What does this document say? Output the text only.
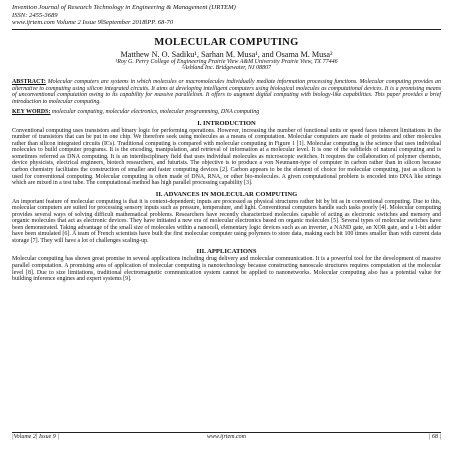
Invention Journal of Research Technology in Engineering & Management (IJRTEM)
ISSN: 2455-3689
www.ijrtem.com Volume 2 Issue 9‖September 2018‖PP. 68-70
MOLECULAR COMPUTING
Matthew N. O. Sadiku¹, Sarhan M. Musa¹, and Osama M. Musa²
¹Roy G. Perry College of Engineering Prairie View A&M University Prairie View, TX 77446
²Ashland Inc. Bridgewater, NJ 08807
ABSTRACT: Molecular computers are systems in which molecules or macromolecules individually mediate information processing functions. Molecular computing provides an alternative to computing using silicon integrated circuits. It aims at developing intelligent computers using biological molecules as computational devices. It is a promising means of unconventional computation owing to its capability for massive parallelism. It offers to augment digital computing with biology-like capabilities. This paper provides a brief introduction to molecular computing.
KEY WORDS: molecular computing, molecular electronics, molecular programming, DNA computing
I. INTRODUCTION
Conventional computing uses transistors and binary logic for performing operations. However, increasing the number of functional units or speed faces inherent limitations in the number of transistors that can be put in one chip. We therefore seek using molecules as a means of computation. Molecular computers are made of proteins and other molecules rather than silicon integrated circuits (ICs). Traditional computing is compared with molecular computing in Figure 1 [1]. Molecular computing is the science that uses individual molecules to build computer programs. It is the encoding, manipulation, and retrieval of information at a molecular level. It is one of the subfields of natural computing and is sometimes referred as DNA computing. It is an interdisciplinary field that uses individual molecules as microscopic switches. It requires the collaboration of polymer chemists, device physicists, electrical engineers, biotech researchers, and futurists. The objective is to produce a von Neumann-type of computer in carbon rather than in silicon because carbon chemistry facilitates the construction of smaller and faster computing devices [2]. Carbon appears to be the element of choice for molecular computing, just as silicon is used for conventional computing. Molecular computing is often made of DNA, RNA, or other bio-molecules. A given computational problem is encoded into DNA like strings which are mixed in a test tube. The computational method has high parallel processing capability [3].
II. ADVANCES IN MOLECULAR COMPUTING
An important feature of molecular computing is that it is context-dependent; inputs are processed as physical structures rather bit by bit as in conventional computing. Due to this, molecular computers are suited for processing sensory inputs such as pressure, temperature, and light. Conventional computers handle such tasks poorly [4]. Molecular computing provides several ways of solving difficult mathematical problems. Researchers have recently characterized molecules capable of acting as electronic switches and memory and organic molecules that act as electronic devices. They have initiated a new era of molecular electronics based on organic molecules [5]. Several types of molecular switches have been demonstrated. Taking advantage of the small size of molecules within a nanocell, elementary logic devices such as an inverter, a NAND gate, an XOR gate, and a 1-bit adder have been simulated [6]. A team of French scientists have built the first molecular computer using polymers to store data, making each bit 100 times smaller than with current data storage [7]. They will have a lot of challenges scaling-up.
III. APPLICATIONS
Molecular computing has shown great promise in several applications including drug delivery and molecular communication. It is a powerful tool for the development of massive parallel computation. A promising area of application of molecular computing is nanotechnology because constructing nanoscale structures requires computation at the molecular level [8]. Due to size limitations, traditional electromagnetic communication system cannot be applied to nanonetworks. Molecular computing also has a potential value for building inference engines and expert systems [9].
|Volume 2| Issue 9 |	www.ijrtem.com	| 68 |
